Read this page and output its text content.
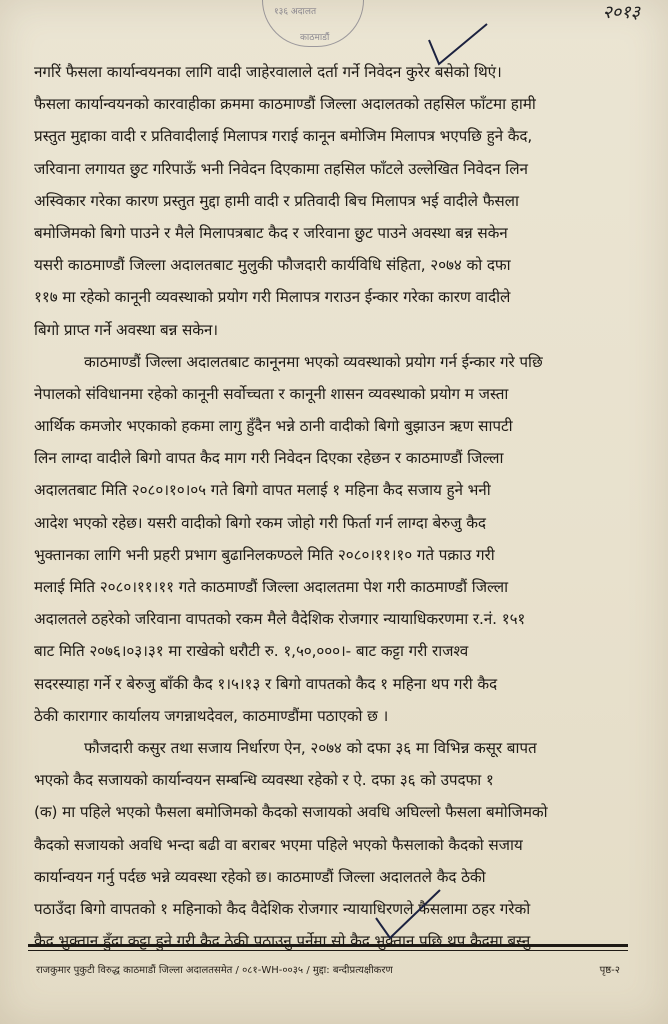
१३६ अदालत
काठमाडौं
२०१३
नगरिं फैसला कार्यान्वयनका लागि वादी जाहेरवालाले दर्ता गर्ने निवेदन कुरेर बसेको थिएं।
फैसला कार्यान्वयनको कारवाहीका क्रममा काठमाण्डौं जिल्ला अदालतको तहसिल फाँटमा हामी
प्रस्तुत मुद्दाका वादी र प्रतिवादीलाई मिलापत्र गराई कानून बमोजिम मिलापत्र भएपछि हुने कैद,
जरिवाना लगायत छुट गरिपाऊँ भनी निवेदन दिएकामा तहसिल फाँटले उल्लेखित निवेदन लिन
अस्विकार गरेका कारण प्रस्तुत मुद्दा हामी वादी र प्रतिवादी बिच मिलापत्र भई वादीले फैसला
बमोजिमको बिगो पाउने र मैले मिलापत्रबाट कैद र जरिवाना छुट पाउने अवस्था बन्न सकेन
यसरी काठमाण्डौं जिल्ला अदालतबाट मुलुकी फौजदारी कार्यविधि संहिता, २०७४ को दफा
११७ मा रहेको कानूनी व्यवस्थाको प्रयोग गरी मिलापत्र गराउन ईन्कार गरेका कारण वादीले
बिगो प्राप्त गर्ने अवस्था बन्न सकेन।
काठमाण्डौं जिल्ला अदालतबाट कानूनमा भएको व्यवस्थाको प्रयोग गर्न ईन्कार गरे पछि
नेपालको संविधानमा रहेको कानूनी सर्वोच्चता र कानूनी शासन व्यवस्थाको प्रयोग म जस्ता
आर्थिक कमजोर भएकाको हकमा लागु हुँदैन भन्ने ठानी वादीको बिगो बुझाउन ऋण सापटी
लिन लाग्दा वादीले बिगो वापत कैद माग गरी निवेदन दिएका रहेछन र काठमाण्डौं जिल्ला
अदालतबाट मिति २०८०।१०।०५ गते बिगो वापत मलाई १ महिना कैद सजाय हुने भनी
आदेश भएको रहेछ। यसरी वादीको बिगो रकम जोहो गरी फिर्ता गर्न लाग्दा बेरुजु कैद
भुक्तानका लागि भनी प्रहरी प्रभाग बुढानिलकण्ठले मिति २०८०।११।१० गते पक्राउ गरी
मलाई मिति २०८०।११।११ गते काठमाण्डौं जिल्ला अदालतमा पेश गरी काठमाण्डौं जिल्ला
अदालतले ठहरेको जरिवाना वापतको रकम मैले वैदेशिक रोजगार न्यायाधिकरणमा र.नं. १५१
बाट मिति २०७६।०३।३१ मा राखेको धरौटी रु. १,५०,०००।- बाट कट्टा गरी राजश्व
सदरस्याहा गर्ने र बेरुजु बाँकी कैद १।५।१३ र बिगो वापतको कैद १ महिना थप गरी कैद
ठेकी कारागार कार्यालय जगन्नाथदेवल, काठमाण्डौंमा पठाएको छ ।
फौजदारी कसुर तथा सजाय निर्धारण ऐन, २०७४ को दफा ३६ मा विभिन्न कसूर बापत
भएको कैद सजायको कार्यान्वयन सम्बन्धि व्यवस्था रहेको र ऐ. दफा ३६ को उपदफा १
(क) मा पहिले भएको फैसला बमोजिमको कैदको सजायको अवधि अघिल्लो फैसला बमोजिमको
कैदको सजायको अवधि भन्दा बढी वा बराबर भएमा पहिले भएको फैसलाको कैदको सजाय
कार्यान्वयन गर्नु पर्दछ भन्ने व्यवस्था रहेको छ। काठमाण्डौं जिल्ला अदालतले कैद ठेकी
पठाउँदा बिगो वापतको १ महिनाको कैद वैदेशिक रोजगार न्यायाधिरणले फैसलामा ठहर गरेको
कैद भुक्तान हुँदा कट्टा हुने गरी कैद ठेकी पठाउनु पर्नेमा सो कैद भुक्तान पछि थप कैदमा बस्नु
राजकुमार पुकुटी विरुद्ध काठमाडौं जिल्ला अदालतसमेत / ०८१-WH-००३५ / मुद्दा: बन्दीप्रत्यक्षीकरण	पृष्ठ-२
